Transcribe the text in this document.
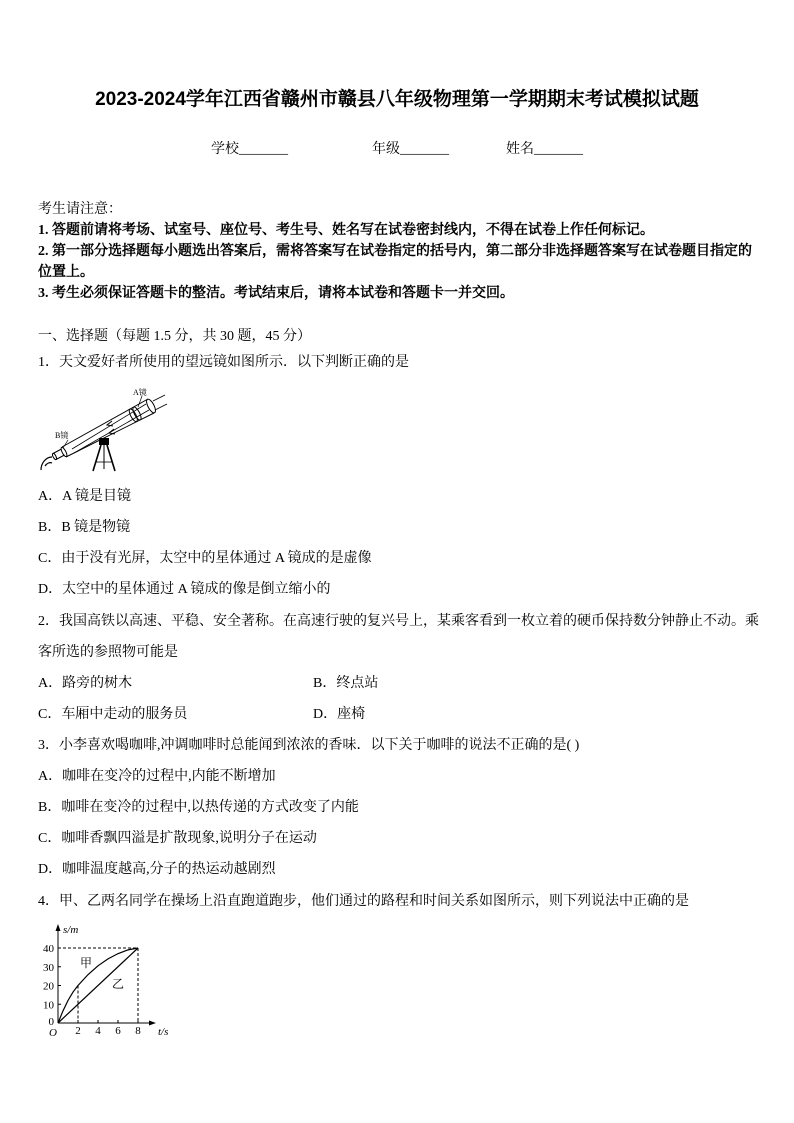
2023-2024学年江西省赣州市赣县八年级物理第一学期期末考试模拟试题
学校_______	年级_______	姓名_______
考生请注意：
1. 答题前请将考场、试室号、座位号、考生号、姓名写在试卷密封线内，不得在试卷上作任何标记。
2. 第一部分选择题每小题选出答案后，需将答案写在试卷指定的括号内，第二部分非选择题答案写在试卷题目指定的
位置上。
3. 考生必须保证答题卡的整洁。考试结束后，请将本试卷和答题卡一并交回。
一、选择题（每题 1.5 分，共 30 题，45 分）
1．天文爱好者所使用的望远镜如图所示．以下判断正确的是
A镜
B镜
A．A 镜是目镜
B．B 镜是物镜
C．由于没有光屏，太空中的星体通过 A 镜成的是虚像
D．太空中的星体通过 A 镜成的像是倒立缩小的
2．我国高铁以高速、平稳、安全著称。在高速行驶的复兴号上，某乘客看到一枚立着的硬币保持数分钟静止不动。乘
客所选的参照物可能是
A．路旁的树木	B．终点站
C．车厢中走动的服务员	D．座椅
3．小李喜欢喝咖啡,冲调咖啡时总能闻到浓浓的香味．以下关于咖啡的说法不正确的是( )
A．咖啡在变冷的过程中,内能不断增加
B．咖啡在变冷的过程中,以热传递的方式改变了内能
C．咖啡香飘四溢是扩散现象,说明分子在运动
D．咖啡温度越高,分子的热运动越剧烈
4．甲、乙两名同学在操场上沿直跑道跑步，他们通过的路程和时间关系如图所示，则下列说法中正确的是
s/m
t/s
O
40
30
20
10
0
2 4 6 8
甲
乙
